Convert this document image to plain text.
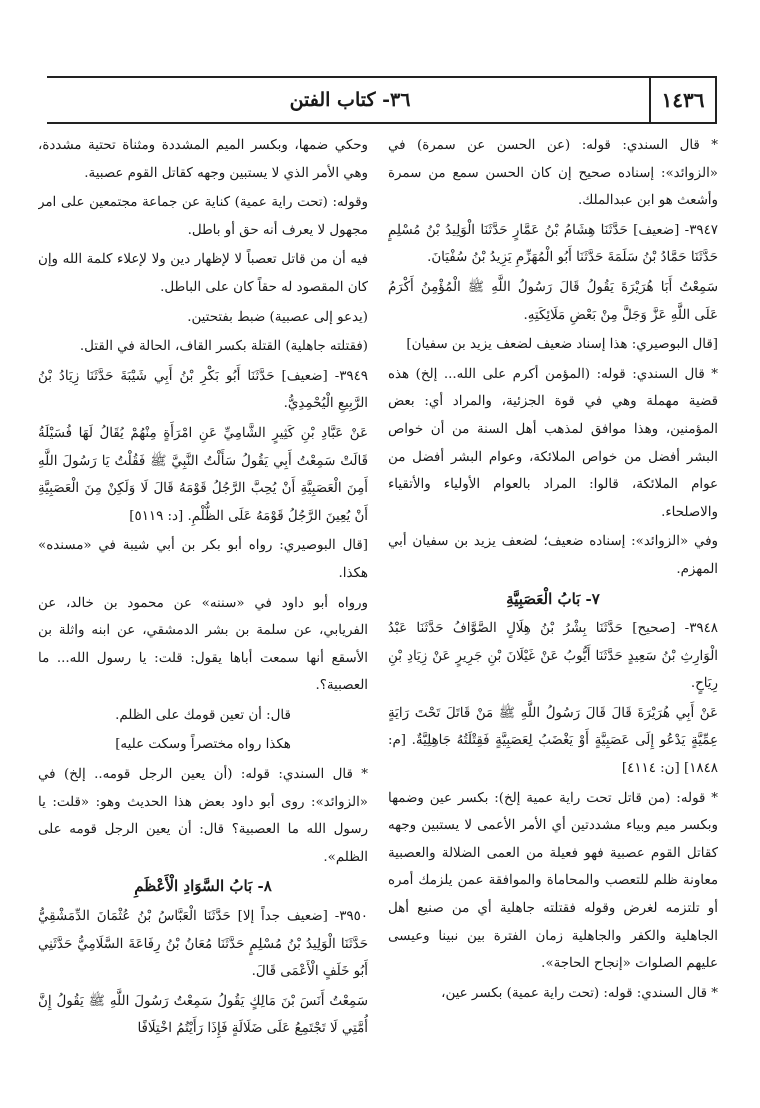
١٤٣٦
٣٦- كتاب الفتن

* قال السندي: قوله: (عن الحسن عن سمرة) في «الزوائد»: إسناده صحيح إن كان الحسن سمع من سمرة وأشعث هو ابن عبدالملك.

٣٩٤٧- [ضعيف] حَدَّثَنَا هِشَامُ بْنُ عَمَّارٍ حَدَّثَنَا الْوَلِيدُ بْنُ مُسْلِمٍ حَدَّثَنَا حَمَّادُ بْنُ سَلَمَةَ حَدَّثَنَا أَبُو الْمُهَزِّمِ يَزِيدُ بْنُ سُفْيَانَ.

سَمِعْتُ أَبَا هُرَيْرَةَ يَقُولُ قَالَ رَسُولُ اللَّهِ ﷺ الْمُؤْمِنُ أَكْرَمُ عَلَى اللَّهِ عَزَّ وَجَلَّ مِنْ بَعْضِ مَلَائِكَتِهِ.

[قال البوصيري: هذا إسناد ضعيف لضعف يزيد بن سفيان]

* قال السندي: قوله: (المؤمن أكرم على الله... إلخ) هذه قضية مهملة وهي في قوة الجزئية، والمراد أي: بعض المؤمنين، وهذا موافق لمذهب أهل السنة من أن خواص البشر أفضل من خواص الملائكة، وعوام البشر أفضل من عوام الملائكة، قالوا: المراد بالعوام الأولياء والأتقياء والاصلحاء.

وفي «الزوائد»: إسناده ضعيف؛ لضعف يزيد بن سفيان أبي المهزم.

٧- بَابُ الْعَصَبِيَّةِ

٣٩٤٨- [صحيح] حَدَّثَنَا بِشْرُ بْنُ هِلَالٍ الصَّوَّافُ حَدَّثَنَا عَبْدُ الْوَارِثِ بْنُ سَعِيدٍ حَدَّثَنَا أَيُّوبُ عَنْ غَيْلَانَ بْنِ جَرِيرٍ عَنْ زِيَادِ بْنِ رِيَاحٍ.

عَنْ أَبِي هُرَيْرَةَ قَالَ قَالَ رَسُولُ اللَّهِ ﷺ مَنْ قَاتَلَ تَحْتَ رَايَةٍ عِمِّيَّةٍ يَدْعُو إِلَى عَصَبِيَّةٍ أَوْ يَغْضَبُ لِعَصَبِيَّةٍ فَقِتْلَتُهُ جَاهِلِيَّةٌ. [م: ١٨٤٨] [ن: ٤١١٤]

* قوله: (من قاتل تحت راية عمية إلخ): بكسر عين وضمها وبكسر ميم وبياء مشددتين أي الأمر الأعمى لا يستبين وجهه كقاتل القوم عصبية فهو فعيلة من العمى الضلالة والعصبية معاونة ظلم للتعصب والمحاماة والموافقة عمن يلزمك أمره أو تلتزمه لغرض وقوله فقتلته جاهلية أي من صنيع أهل الجاهلية والكفر والجاهلية زمان الفترة بين نبينا وعيسى عليهم الصلوات «إنجاح الحاجة».

* قال السندي: قوله: (تحت راية عمية) بكسر عين،

وحكي ضمها، وبكسر الميم المشددة ومثناة تحتية مشددة، وهي الأمر الذي لا يستبين وجهه كقاتل القوم عصبية.

وقوله: (تحت راية عمية) كناية عن جماعة مجتمعين على امر مجهول لا يعرف أنه حق أو باطل.

فيه أن من قاتل تعصباً لا لإظهار دين ولا لإعلاء كلمة الله وإن كان المقصود له حقاً كان على الباطل.

(يدعو إلى عصبية) ضبط بفتحتين.

(فقتلته جاهلية) القتلة بكسر القاف، الحالة في القتل.

٣٩٤٩- [ضعيف] حَدَّثَنَا أَبُو بَكْرِ بْنُ أَبِي شَيْبَةَ حَدَّثَنَا زِيَادُ بْنُ الرَّبِيعِ الْيُحْمِدِيُّ.

عَنْ عَبَّادِ بْنِ كَثِيرٍ الشَّامِيِّ عَنِ امْرَأَةٍ مِنْهُمْ يُقَالُ لَهَا فُسَيْلَةُ قَالَتْ سَمِعْتُ أَبِي يَقُولُ سَأَلْتُ النَّبِيَّ ﷺ فَقُلْتُ يَا رَسُولَ اللَّهِ أَمِنَ الْعَصَبِيَّةِ أَنْ يُحِبَّ الرَّجُلُ قَوْمَهُ قَالَ لَا وَلَكِنْ مِنَ الْعَصَبِيَّةِ أَنْ يُعِينَ الرَّجُلُ قَوْمَهُ عَلَى الظُّلْمِ. [د: ٥١١٩]

[قال البوصيري: رواه أبو بكر بن أبي شيبة في «مسنده» هكذا.

ورواه أبو داود في «سننه» عن محمود بن خالد، عن الفريابي، عن سلمة بن بشر الدمشقي، عن ابنه واثلة بن الأسقع أنها سمعت أباها يقول: قلت: يا رسول الله... ما العصبية؟.

قال: أن تعين قومك على الظلم.

هكذا رواه مختصراً وسكت عليه]

* قال السندي: قوله: (أن يعين الرجل قومه.. إلخ) في «الزوائد»: روى أبو داود بعض هذا الحديث وهو: «قلت: يا رسول الله ما العصبية؟ قال: أن يعين الرجل قومه على الظلم».

٨- بَابُ السَّوَادِ الْأَعْظَمِ

٣٩٥٠- [ضعيف جداً إلا] حَدَّثَنَا الْعَبَّاسُ بْنُ عُثْمَانَ الدِّمَشْقِيُّ حَدَّثَنَا الْوَلِيدُ بْنُ مُسْلِمٍ حَدَّثَنَا مُعَانُ بْنُ رِفَاعَةَ السَّلَامِيُّ حَدَّثَنِي أَبُو خَلَفٍ الْأَعْمَى قَالَ.

سَمِعْتُ أَنَسَ بْنَ مَالِكٍ يَقُولُ سَمِعْتُ رَسُولَ اللَّهِ ﷺ يَقُولُ إِنَّ أُمَّتِي لَا تَجْتَمِعُ عَلَى ضَلَالَةٍ فَإِذَا رَأَيْتُمُ اخْتِلَافًا
